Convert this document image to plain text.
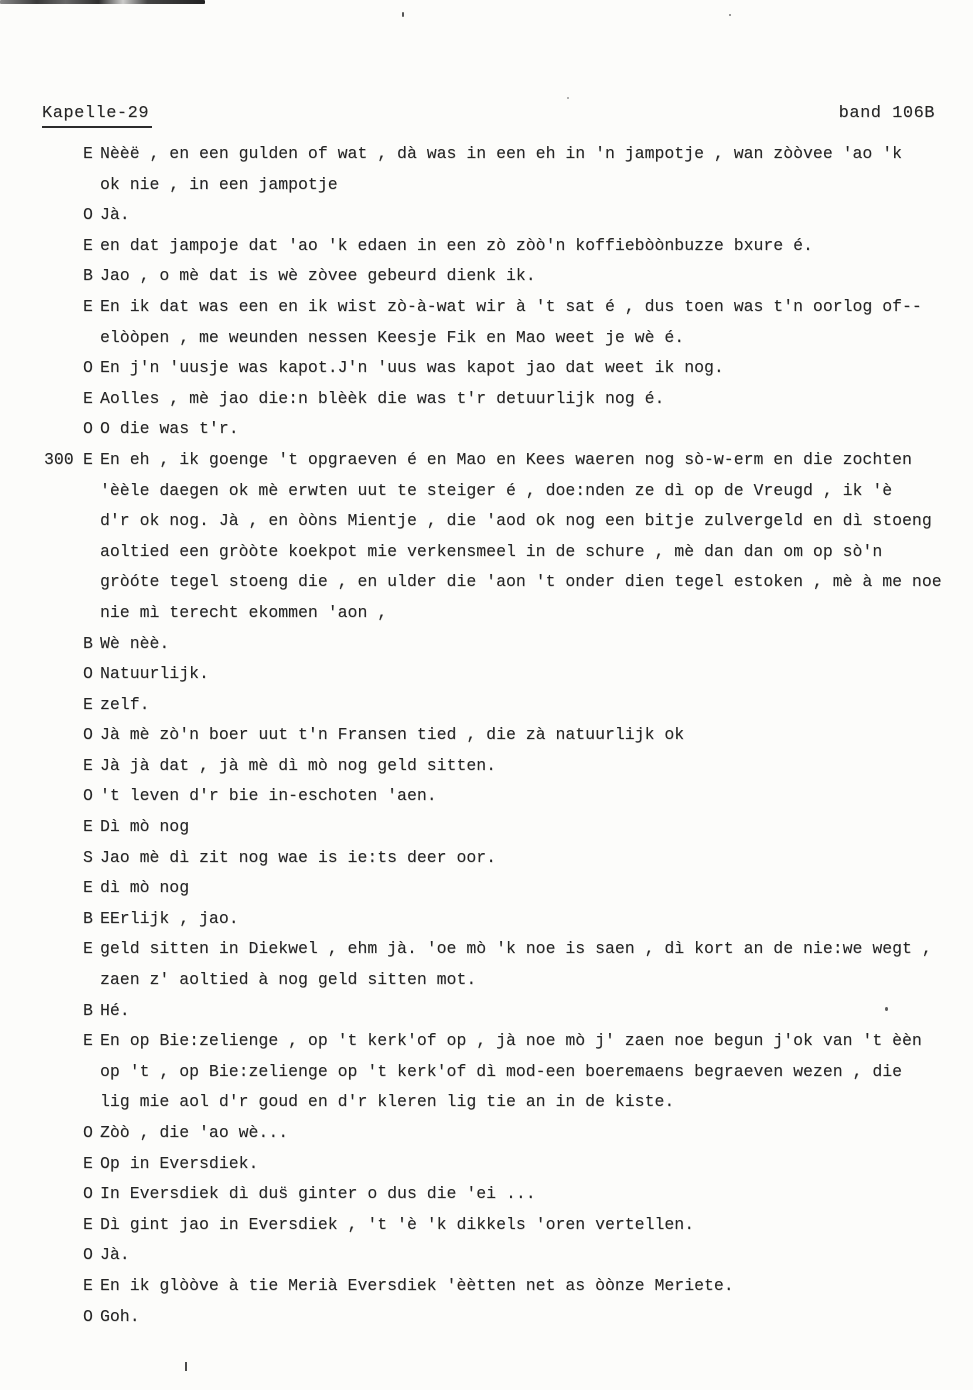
Kapelle-29	band 106B
E Nèèë , en een gulden of wat , dà was in een eh in 'n jampotje , wan zòòvee 'ao 'k
ok nie , in een jampotje
O Jà.
E en dat jampoje dat 'ao 'k edaen in een zò zòò'n koffiebòònbuzze bxure é.
B Jao , o mè dat is wè zòvee gebeurd dienk ik.
E En ik dat was een en ik wist zò-à-wat wir à 't sat é , dus toen was t'n oorlog of--
elòòpen , me weunden nessen Keesje Fik en Mao weet je wè é.
O En j'n 'uusje was kapot.J'n 'uus was kapot jao dat weet ik nog.
E Aolles , mè jao die:n blèèk die was t'r detuurlijk nog é.
O O die was t'r.
300 E En eh , ik goenge 't opgraeven é en Mao en Kees waeren nog sò-w-erm en die zochten
'èèle daegen ok mè erwten uut te steiger é , doe:nden ze dì op de Vreugd , ik 'è
d'r ok nog. Jà , en òòns Mientje , die 'aod ok nog een bitje zulvergeld en dì stoeng
aoltied een gròòte koekpot mie verkensmeel in de schure , mè dan dan om op sò'n
gròóte tegel stoeng die , en ulder die 'aon 't onder dien tegel estoken , mè à me noe
nie mì terecht ekommen 'aon ,
B Wè nèè.
O Natuurlijk.
E zelf.
O Jà mè zò'n boer uut t'n Fransen tied , die zà natuurlijk ok
E Jà jà dat , jà mè dì mò nog geld sitten.
O 't leven d'r bie in-eschoten 'aen.
E Dì mò nog
S Jao mè dì zit nog wae is ie:ts deer oor.
E dì mò nog
B EErlijk , jao.
E geld sitten in Diekwel , ehm jà. 'oe mò 'k noe is saen , dì kort an de nie:we wegt ,
zaen z' aoltied à nog geld sitten mot.
B Hé.
E En op Bie:zelienge , op 't kerk'of op , jà noe mò j' zaen noe begun j'ok van 't èèn
op 't , op Bie:zelienge op 't kerk'of dì mod-een boeremaens begraeven wezen , die
lig mie aol d'r goud en d'r kleren lig tie an in de kiste.
O Zòò , die 'ao wè...
E Op in Eversdiek.
O In Eversdiek dì dus̈ ginter o dus die 'ei ...
E Dì gint jao in Eversdiek , 't 'è 'k dikkels 'oren vertellen.
O Jà.
E En ik glòòve à tie Merià Eversdiek 'èètten net as òònze Meriete.
O Goh.
